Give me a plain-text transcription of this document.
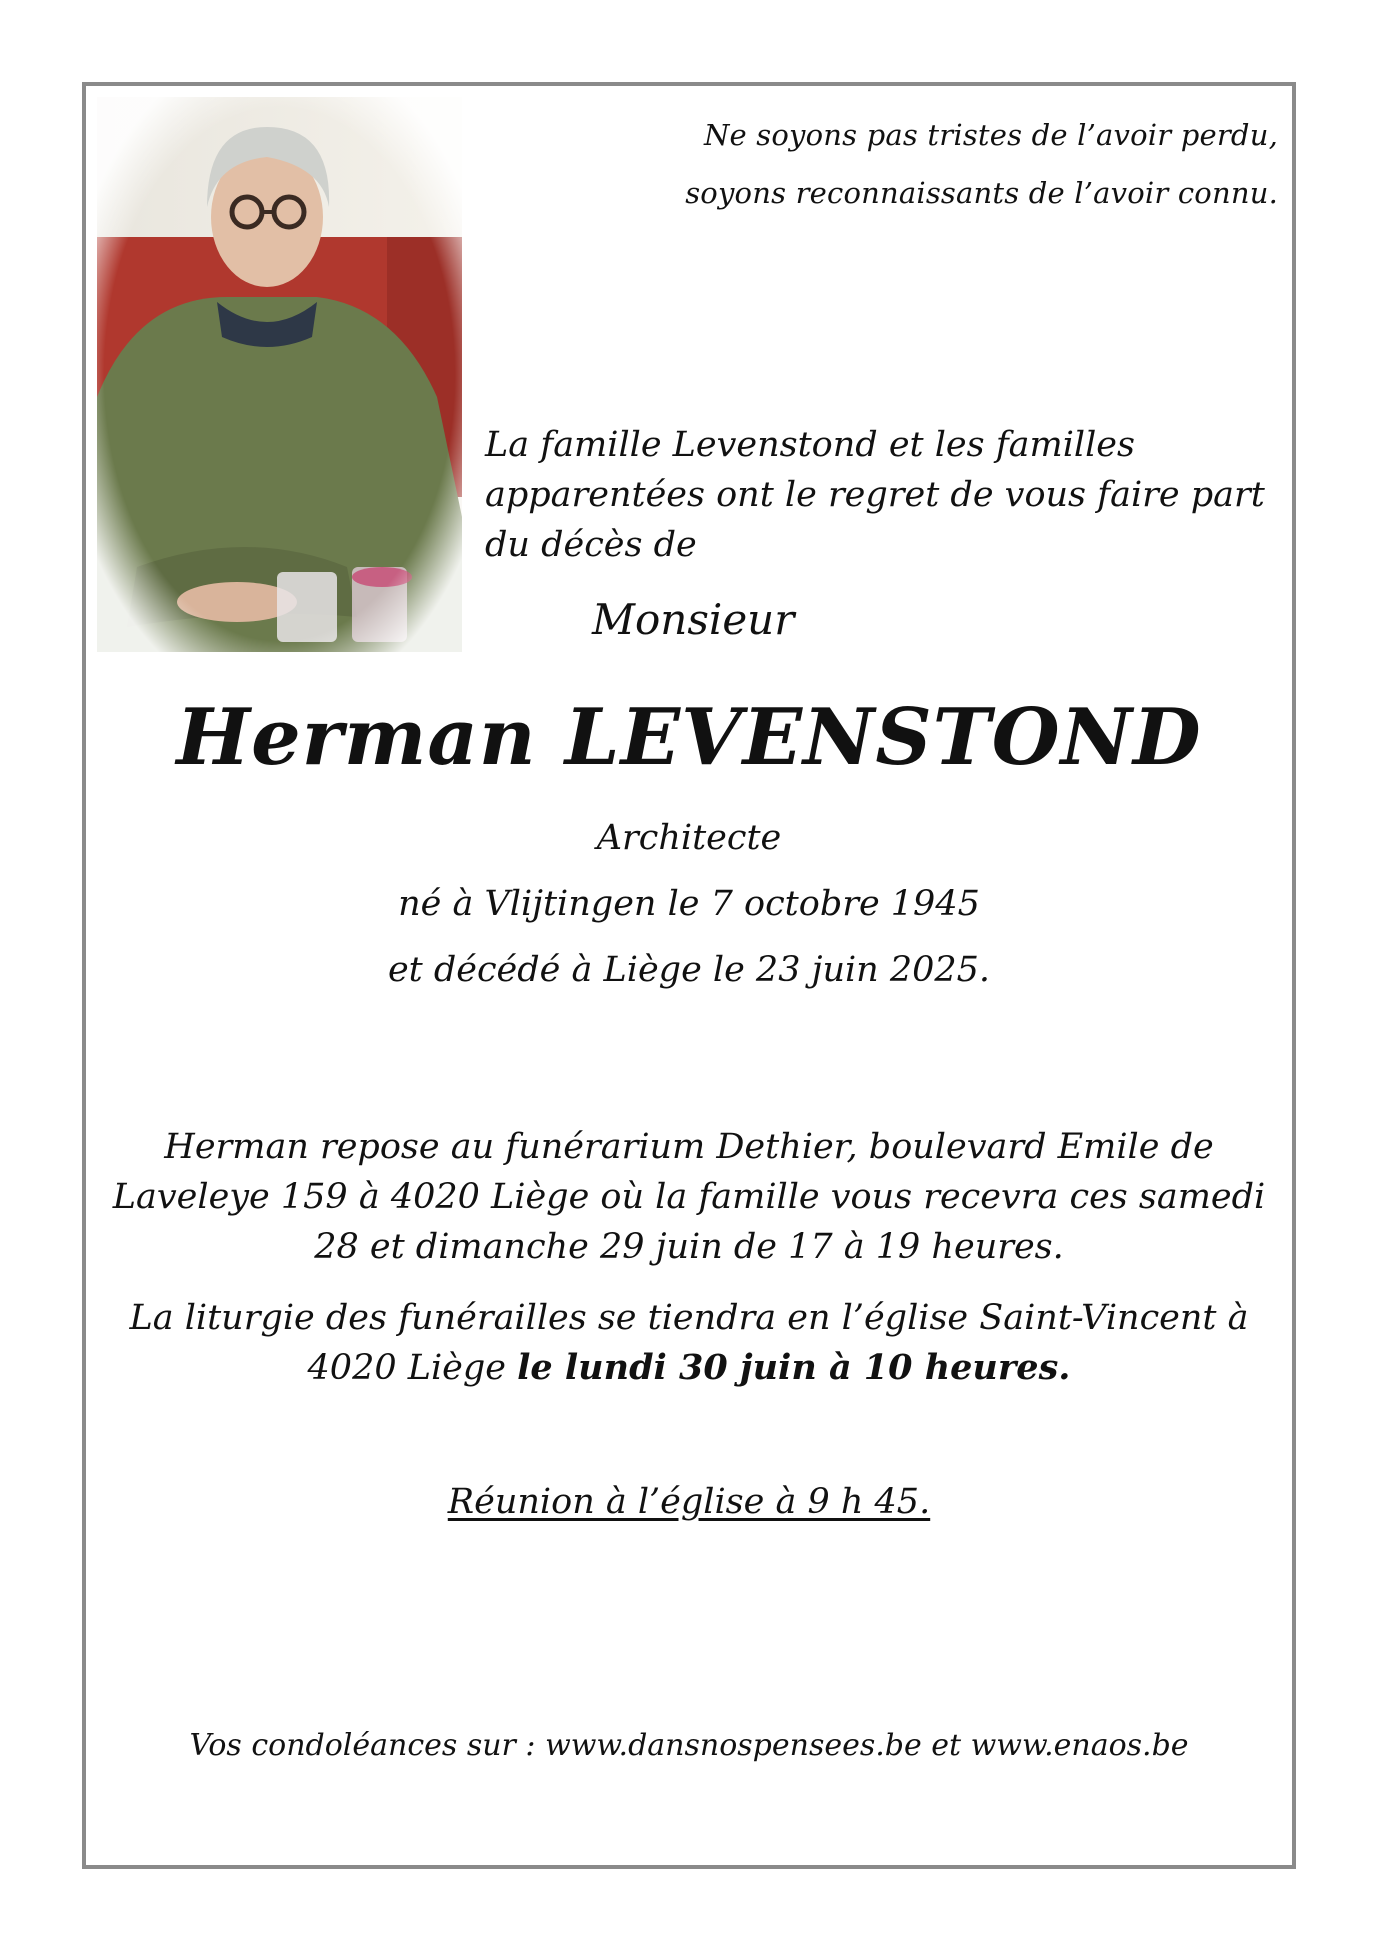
Ne soyons pas tristes de l’avoir perdu,
soyons reconnaissants de l’avoir connu.
La famille Levenstond et les familles
apparentées ont le regret de vous faire part
du décès de
Monsieur
Herman LEVENSTOND
Architecte
né à Vlijtingen le 7 octobre 1945
et décédé à Liège le 23 juin 2025.
Herman repose au funérarium Dethier, boulevard Emile de
Laveleye 159 à 4020 Liège où la famille vous recevra ces samedi
28 et dimanche 29 juin de 17 à 19 heures.
La liturgie des funérailles se tiendra en l’église Saint-Vincent à
4020 Liège le lundi 30 juin à 10 heures.
Réunion à l’église à 9 h 45.
Vos condoléances sur : www.dansnospensees.be et www.enaos.be
